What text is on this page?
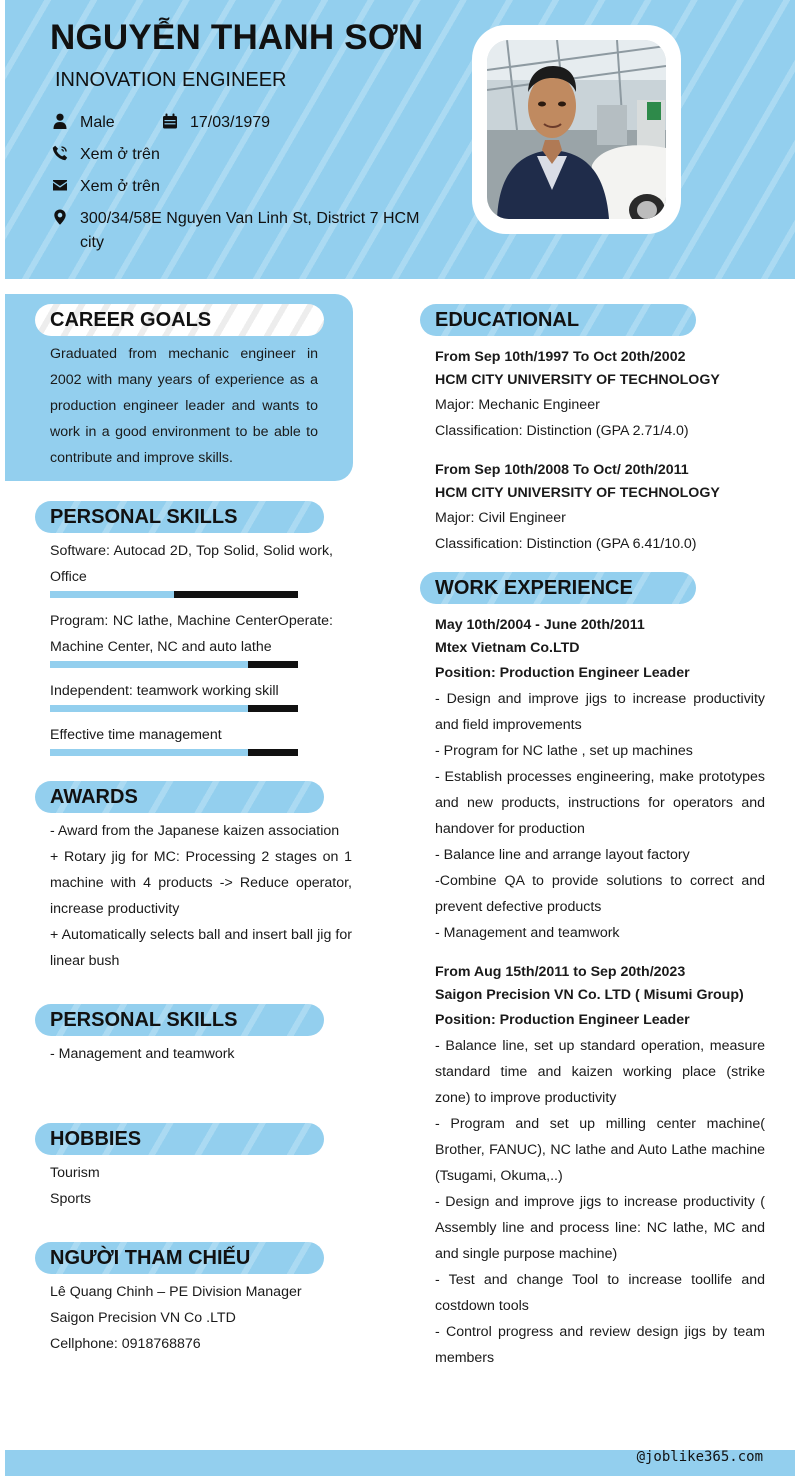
NGUYỄN THANH SƠN
INNOVATION ENGINEER
Male	17/03/1979
Xem ở trên
Xem ở trên
300/34/58E Nguyen Van Linh St, District 7 HCM city
CAREER GOALS
Graduated from mechanic engineer in 2002 with many years of experience as a production engineer leader and wants to work in a good environment to be able to contribute and improve skills.
PERSONAL SKILLS
Software: Autocad 2D, Top Solid, Solid work, Office
Program: NC lathe, Machine CenterOperate: Machine Center, NC and auto lathe
Independent: teamwork working skill
Effective time management
AWARDS
- Award from the Japanese kaizen association
+ Rotary jig for MC: Processing 2 stages on 1 machine with 4 products -> Reduce operator, increase productivity
+ Automatically selects ball and insert ball jig for linear bush
PERSONAL SKILLS
- Management and teamwork
HOBBIES
Tourism
Sports
NGƯỜI THAM CHIẾU
Lê Quang Chinh – PE Division Manager
Saigon Precision VN Co .LTD
Cellphone: 0918768876
EDUCATIONAL
From Sep 10th/1997 To Oct 20th/2002
HCM CITY UNIVERSITY OF TECHNOLOGY
Major: Mechanic Engineer
Classification: Distinction (GPA 2.71/4.0)
From Sep 10th/2008 To Oct/ 20th/2011
HCM CITY UNIVERSITY OF TECHNOLOGY
Major: Civil Engineer
Classification: Distinction (GPA 6.41/10.0)
WORK EXPERIENCE
May 10th/2004 - June 20th/2011
Mtex Vietnam Co.LTD
Position: Production Engineer Leader
- Design and improve jigs to increase productivity and field improvements
- Program for NC lathe , set up machines
- Establish processes engineering, make prototypes and new products, instructions for operators and handover for production
- Balance line and arrange layout factory
-Combine QA to provide solutions to correct and prevent defective products
- Management and teamwork
From Aug 15th/2011 to Sep 20th/2023
Saigon Precision VN Co. LTD ( Misumi Group)
Position: Production Engineer Leader
- Balance line, set up standard operation, measure standard time and kaizen working place (strike zone) to improve productivity
- Program and set up milling center machine( Brother, FANUC), NC lathe and Auto Lathe machine (Tsugami, Okuma,..)
- Design and improve jigs to increase productivity ( Assembly line and process line: NC lathe, MC and and single purpose machine)
- Test and change Tool to increase toollife and costdown tools
- Control progress and review design jigs by team members
@joblike365.com
